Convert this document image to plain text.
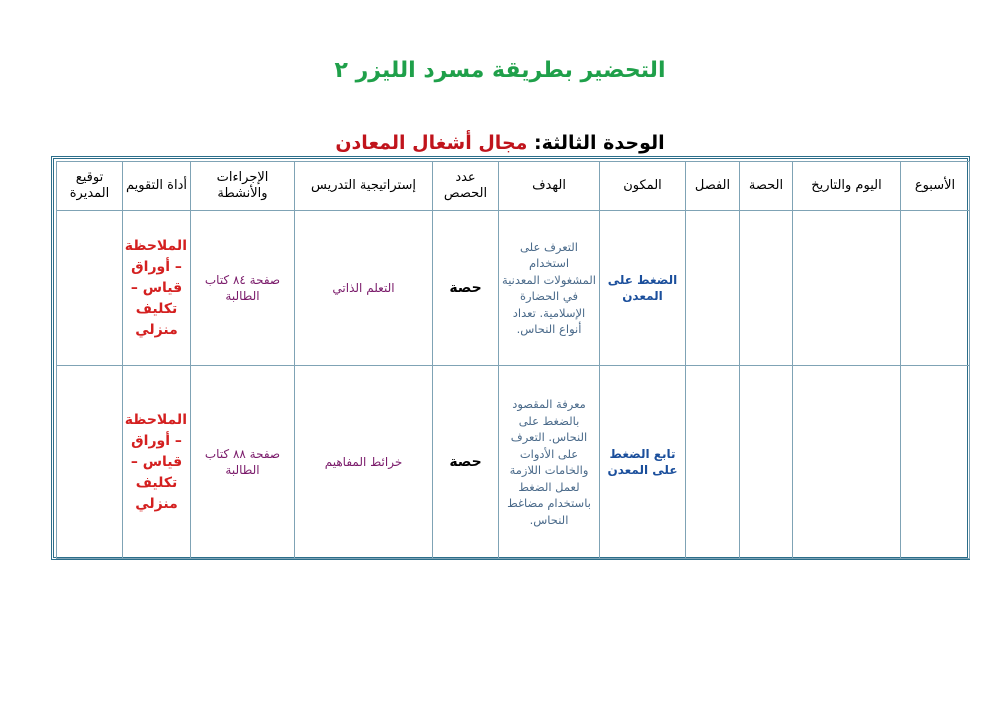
التحضير بطريقة مسرد الليزر ٢
الوحدة الثالثة: مجال أشغال المعادن
الأسبوع	اليوم والتاريخ	الحصة	الفصل	المكون	الهدف	عدد الحصص	إستراتيجية التدريس	الإجراءات والأنشطة	أداة التقويم	توقيع المديرة
				الضغط على المعدن	التعرف على استخدام المشغولات المعدنية في الحضارة الإسلامية. تعداد أنواع النحاس.	حصة	التعلم الذاتي	صفحة ٨٤ كتاب الطالبة	الملاحظة – أوراق قياس – تكليف منزلي	
				تابع الضغط على المعدن	معرفة المقصود بالضغط على النحاس. التعرف على الأدوات والخامات اللازمة لعمل الضغط باستخدام مضاغط النحاس.	حصة	خرائط المفاهيم	صفحة ٨٨ كتاب الطالبة	الملاحظة – أوراق قياس – تكليف منزلي	
